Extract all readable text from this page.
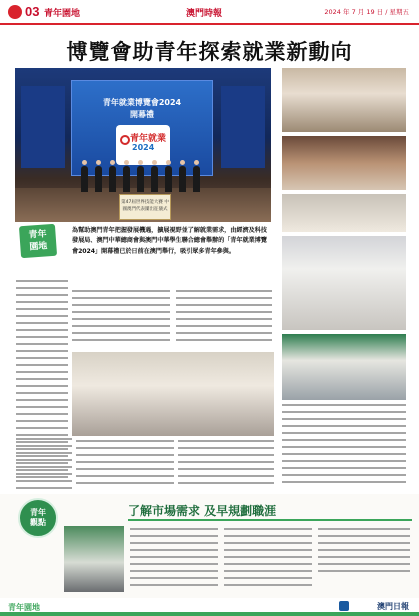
03 青年園地	澳門時報	2024 年 7 月 19 日 / 星期五
博覽會助青年探索就業新動向
青年就業博覽會2024
開幕禮
青年就業
2024
第47屆世界技能大賽 中國澳門代表團出征儀式
青年
園地
為幫助澳門青年把握發展機遇，擴展視野並了解就業需求，由經濟及科技發展局、澳門中華總商會與澳門中華學生聯合總會舉辦的「青年就業博覽會2024」開幕禮已於日前在澳門舉行，吸引眾多青年參與。
青年
觀點
了解市場需求 及早規劃職涯
青年園地	澳門日報
